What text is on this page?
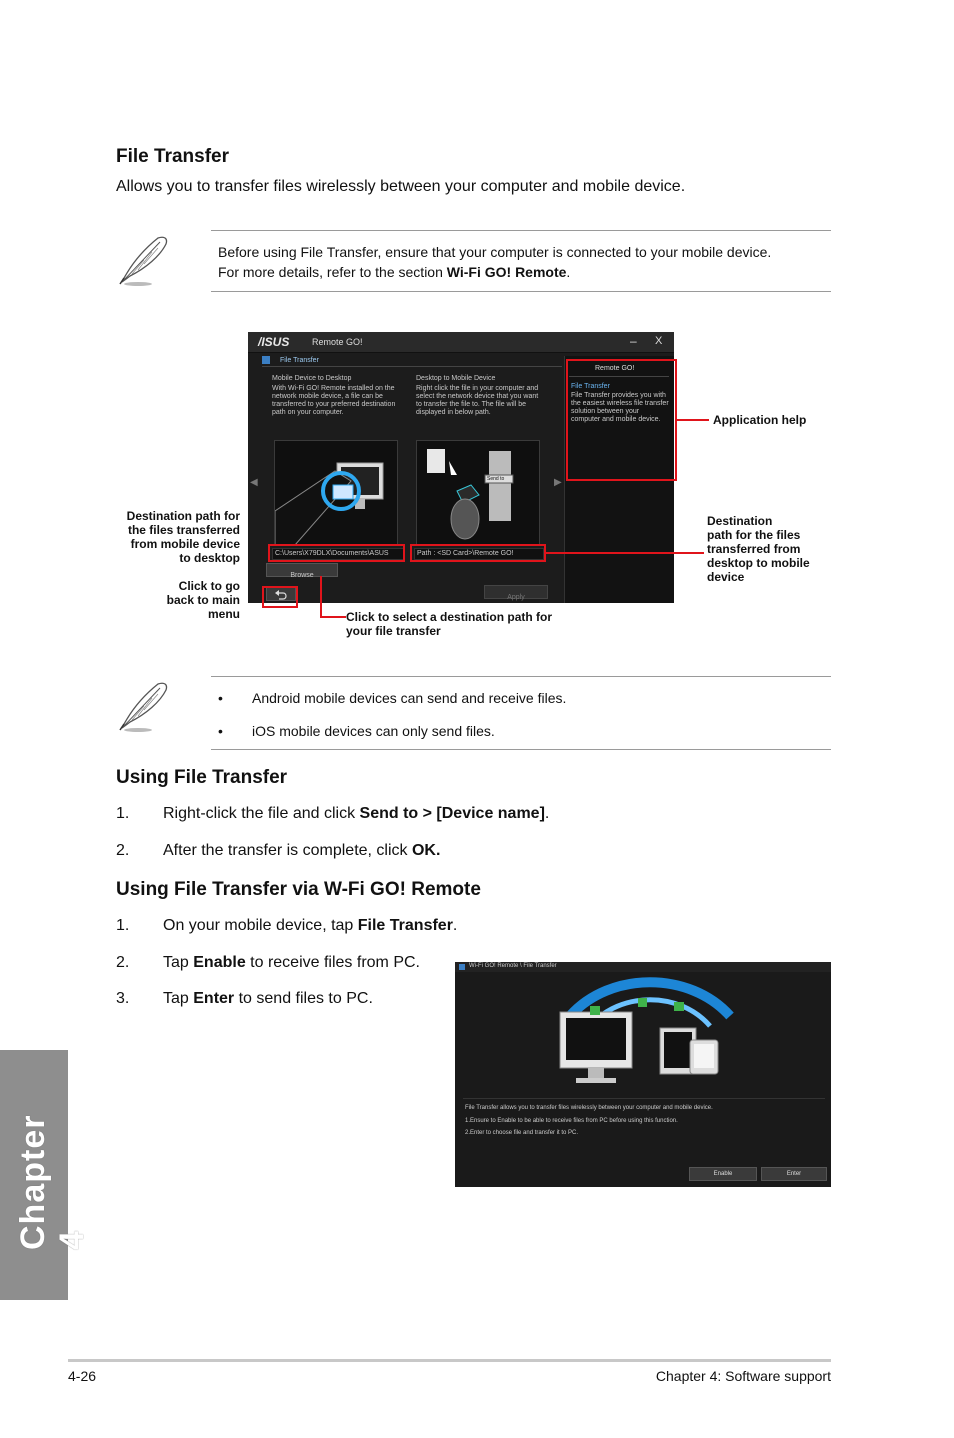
File Transfer
Allows you to transfer files wirelessly between your computer and mobile device.
Before using File Transfer, ensure that your computer is connected to your mobile device.
For more details, refer to the section Wi-Fi GO! Remote.
/ISUS	Remote GO!	– X
File Transfer
Mobile Device to Desktop
With Wi-Fi GO! Remote installed on the network mobile device, a file can be transferred to your preferred destination path on your computer.
Desktop to Mobile Device
Right click the file in your computer and select the network device that you want to transfer the file to. The file will be displayed in below path.
Send to
C:\Users\X79DLX\Documents\ASUS	Path : <SD Card>\Remote GO!
Browse
Apply
◀	▶
Remote GO!
File Transfer
File Transfer provides you with the easiest wireless file transfer solution between your computer and mobile device.	Application help
Destination path for
the files transferred
from mobile device
to desktop
Click to go
back to main
menu
Destination
path for the files
transferred from
desktop to mobile
device
Click to select a destination path for
your file transfer
• Android mobile devices can send and receive files.
• iOS mobile devices can only send files.
Using File Transfer
1. Right-click the file and click Send to > [Device name].
2. After the transfer is complete, click OK.
Using File Transfer via W-Fi GO! Remote
1. On your mobile device, tap File Transfer.
2. Tap Enable to receive files from PC.
3. Tap Enter to send files to PC.
Wi-Fi GO! Remote \ File Transfer
File Transfer allows you to transfer files wirelessly between your computer and mobile device.
1.Ensure to Enable to be able to receive files from PC before using this function.
2.Enter to choose file and transfer it to PC.
Enable	Enter
Chapter 4
4-26	Chapter 4: Software support
